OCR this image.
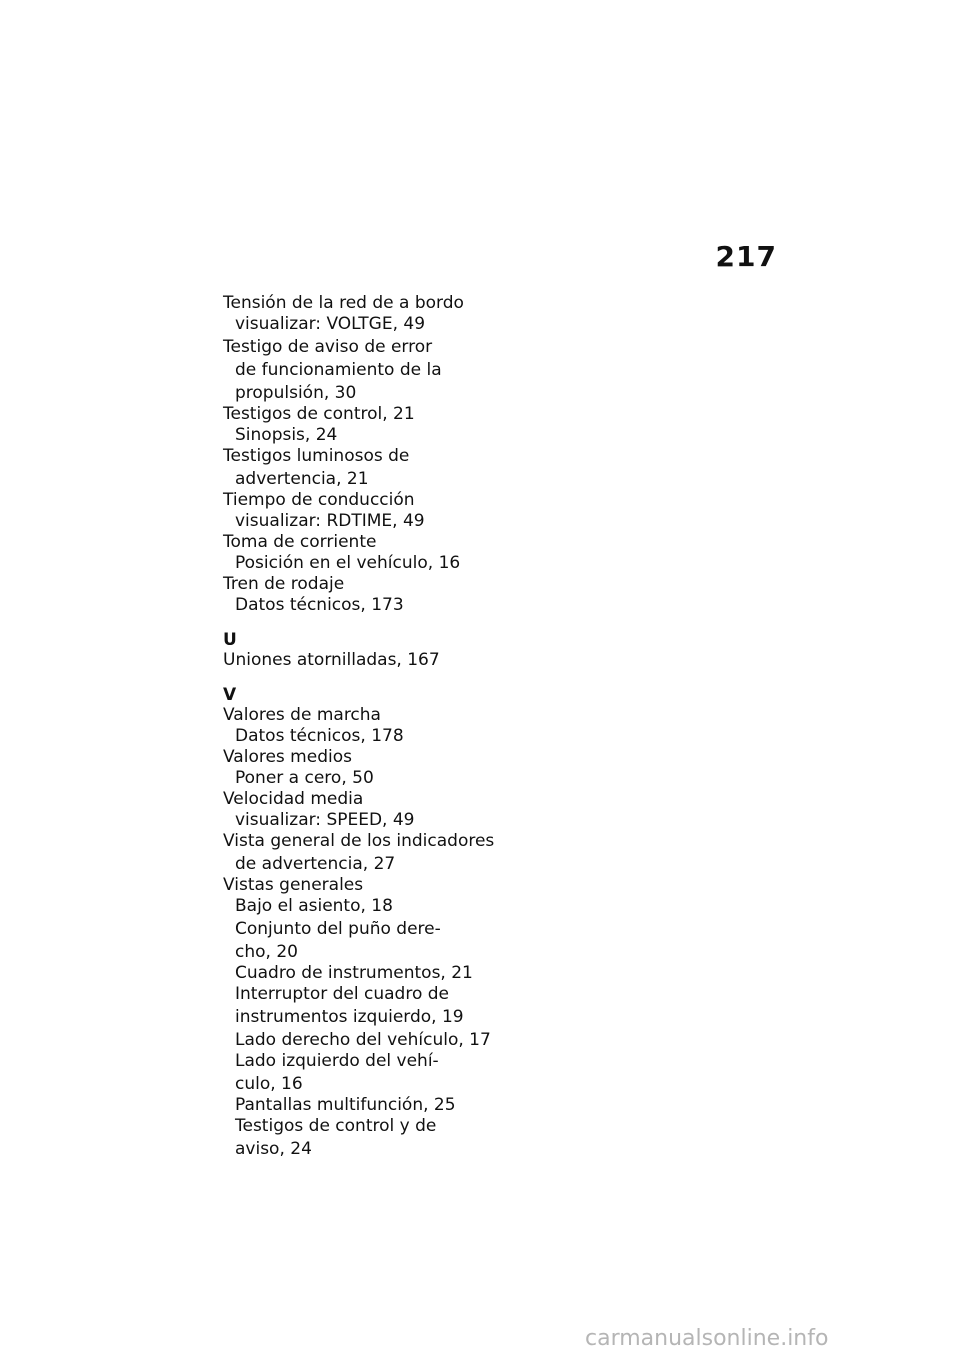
217
Tensión de la red de a bordo
visualizar: VOLTGE, 49
Testigo de aviso de error
de funcionamiento de la
propulsión, 30
Testigos de control, 21
Sinopsis, 24
Testigos luminosos de
advertencia, 21
Tiempo de conducción
visualizar: RDTIME, 49
Toma de corriente
Posición en el vehículo, 16
Tren de rodaje
Datos técnicos, 173
U
Uniones atornilladas, 167
V
Valores de marcha
Datos técnicos, 178
Valores medios
Poner a cero, 50
Velocidad media
visualizar: SPEED, 49
Vista general de los indicadores
de advertencia, 27
Vistas generales
Bajo el asiento, 18
Conjunto del puño dere-
cho, 20
Cuadro de instrumentos, 21
Interruptor del cuadro de
instrumentos izquierdo, 19
Lado derecho del vehículo, 17
Lado izquierdo del vehí-
culo, 16
Pantallas multifunción, 25
Testigos de control y de
aviso, 24
carmanualsonline.info
